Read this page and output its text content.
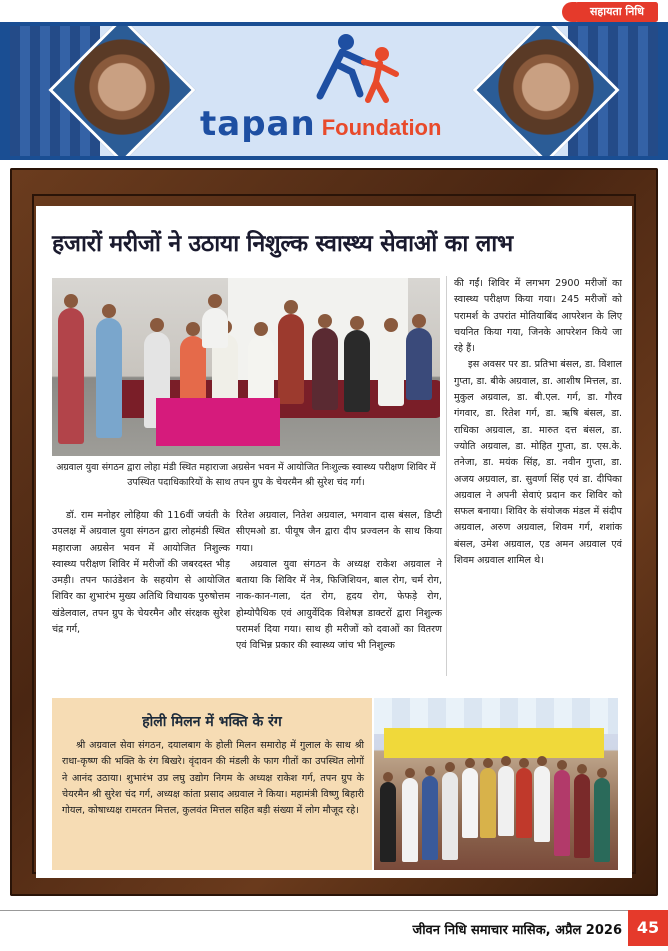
सहायता निधि
tapan Foundation
हजारों मरीजों ने उठाया निशुल्क स्वास्थ्य सेवाओं का लाभ
अग्रवाल युवा संगठन द्वारा लोहा मंडी स्थित महाराजा अग्रसेन भवन में आयोजित निःशुल्क स्वास्थ्य परीक्षण शिविर में उपस्थित पदाधिकारियों के साथ तपन ग्रुप के चेयरमैन श्री सुरेश चंद गर्ग।

की गईं। शिविर में लगभग 2900 मरीजों का स्वास्थ्य परीक्षण किया गया। 245 मरीजों को परामर्श के उपरांत मोतियाबिंद आपरेशन के लिए चयनित किया गया, जिनके आपरेशन किये जा रहे हैं।

इस अवसर पर डा. प्रतिभा बंसल, डा. विशाल गुप्ता, डा. बीके अग्रवाल, डा. आशीष मित्तल, डा. मुकुल अग्रवाल, डा. बी.एल. गर्ग, डा. गौरव गंगवार, डा. रितेश गर्ग, डा. ऋषि बंसल, डा. राधिका अग्रवाल, डा. मारुत दत्त बंसल, डा. ज्योति अग्रवाल, डा. मोहित गुप्ता, डा. एस.के. तनेजा, डा. मयंक सिंह, डा. नवीन गुप्ता, डा. अजय अग्रवाल, डा. सुवर्णा सिंह एवं डा. दीपिका अग्रवाल ने अपनी सेवाएं प्रदान कर शिविर को सफल बनाया। शिविर के संयोजक मंडल में संदीप अग्रवाल, अरुण अग्रवाल, शिवम गर्ग, शशांक बंसल, उमेश अग्रवाल, एड अमन अग्रवाल एवं शिवम अग्रवाल शामिल थे।

डॉ. राम मनोहर लोहिया की 116वीं जयंती के उपलक्ष में अग्रवाल युवा संगठन द्वारा लोहमंडी स्थित महाराजा अग्रसेन भवन में आयोजित निशुल्क स्वास्थ्य परीक्षण शिविर में मरीजों की जबरदस्त भीड़ उमड़ी। तपन फाउंडेशन के सहयोग से आयोजित शिविर का शुभारंभ मुख्य अतिथि विधायक पुरुषोत्तम खंडेलवाल, तपन ग्रुप के चेयरमैन और संरक्षक सुरेश चंद्र गर्ग,

रितेश अग्रवाल, नितेश अग्रवाल, भगवान दास बंसल, डिप्टी सीएमओ डा. पीयूष जैन द्वारा दीप प्रज्वलन के साथ किया गया।

अग्रवाल युवा संगठन के अध्यक्ष राकेश अग्रवाल ने बताया कि शिविर में नेत्र, फिजिशियन, बाल रोग, चर्म रोग, नाक-कान-गला, दंत रोग, हृदय रोग, फेफड़े रोग, होम्योपैथिक एवं आयुर्वेदिक विशेषज्ञ डाक्टरों द्वारा निशुल्क परामर्श दिया गया। साथ ही मरीजों को दवाओं का वितरण एवं विभिन्न प्रकार की स्वास्थ्य जांच भी निशुल्क

होली मिलन में भक्ति के रंग
श्री अग्रवाल सेवा संगठन, दयालबाग के होली मिलन समारोह में गुलाल के साथ श्री राधा-कृष्ण की भक्ति के रंग बिखरे। वृंदावन की मंडली के फाग गीतों का उपस्थित लोगों ने आनंद उठाया। शुभारंभ उप्र लघु उद्योग निगम के अध्यक्ष राकेश गर्ग, तपन ग्रुप के चेयरमैन श्री सुरेश चंद गर्ग, अध्यक्ष कांता प्रसाद अग्रवाल ने किया। महामंत्री विष्णु बिहारी गोयल, कोषाध्यक्ष रामरतन मित्तल, कुलवंत मित्तल सहित बड़ी संख्या में लोग मौजूद रहे।
जीवन निधि समाचार मासिक, अप्रैल 2026 45
